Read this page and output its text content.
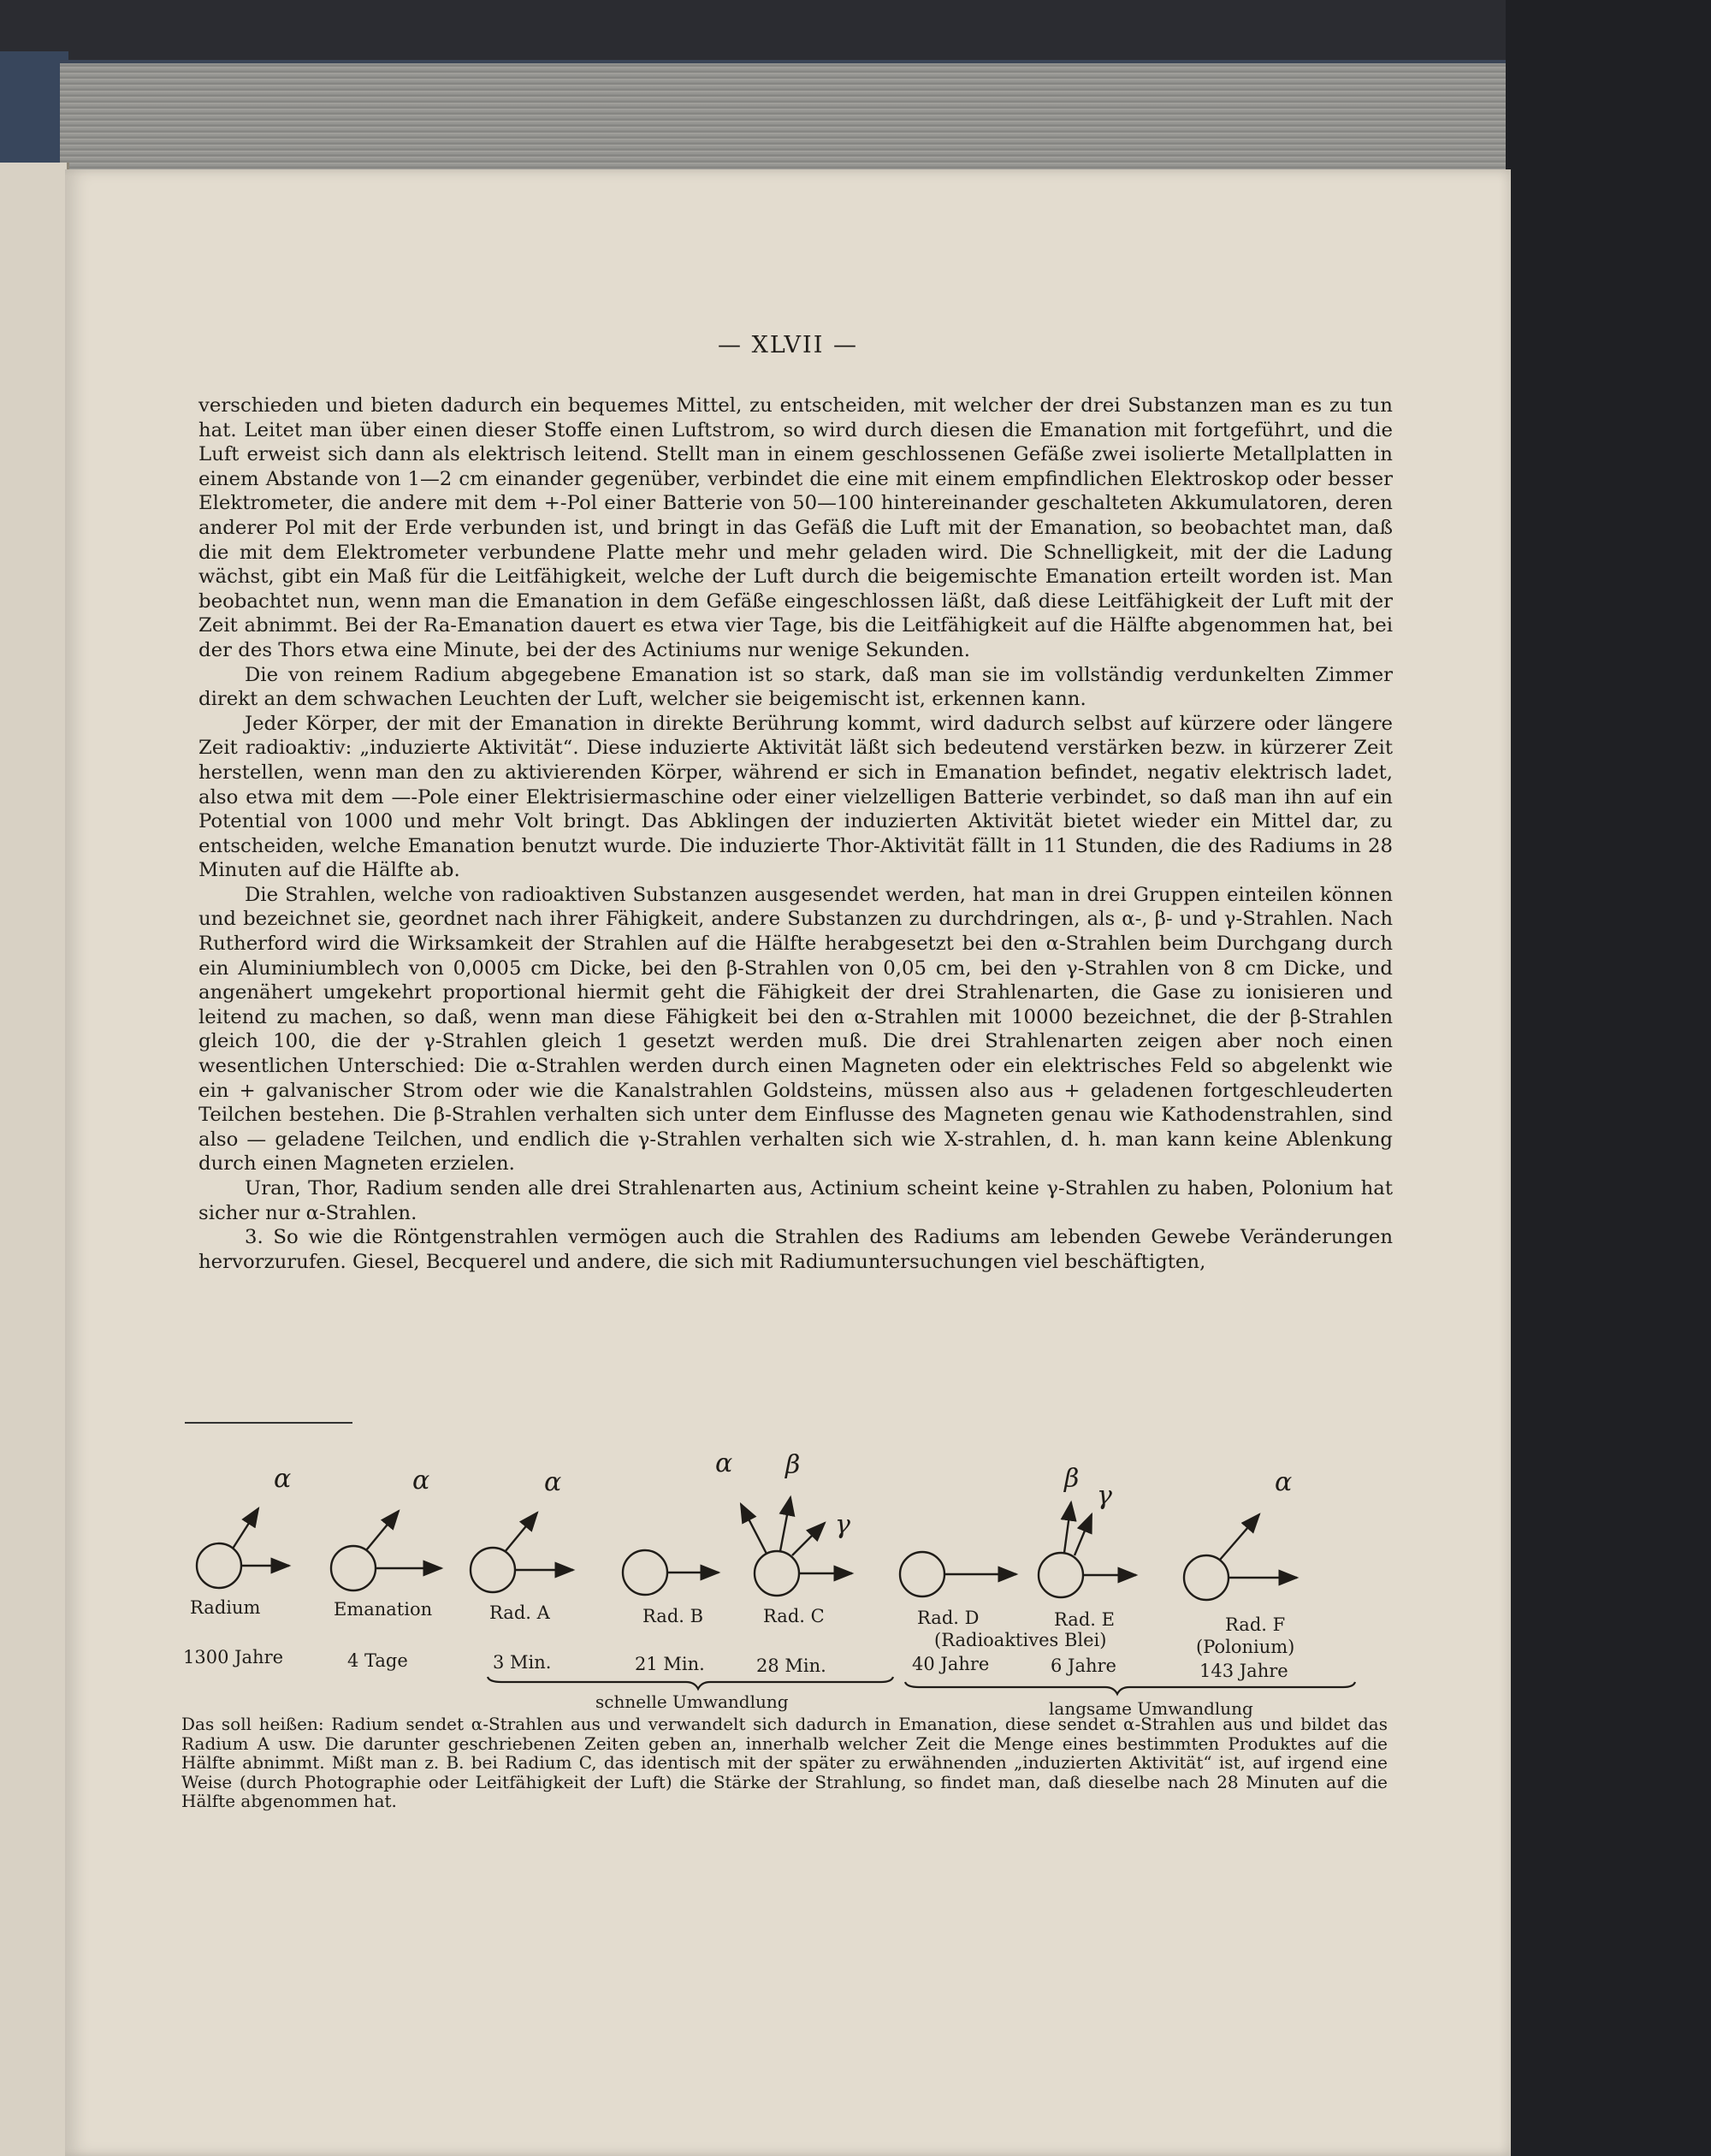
— XLVII —

verschieden und bieten dadurch ein bequemes Mittel, zu entscheiden, mit welcher der drei Substanzen man es zu tun hat. Leitet man über einen dieser Stoffe einen Luftstrom, so wird durch diesen die Emanation mit fortgeführt, und die Luft erweist sich dann als elektrisch leitend. Stellt man in einem geschlossenen Gefäße zwei isolierte Metallplatten in einem Abstande von 1—2 cm einander gegenüber, verbindet die eine mit einem empfindlichen Elektroskop oder besser Elektrometer, die andere mit dem +-Pol einer Batterie von 50—100 hintereinander geschalteten Akkumulatoren, deren anderer Pol mit der Erde verbunden ist, und bringt in das Gefäß die Luft mit der Emanation, so beobachtet man, daß die mit dem Elektrometer verbundene Platte mehr und mehr geladen wird. Die Schnelligkeit, mit der die Ladung wächst, gibt ein Maß für die Leitfähigkeit, welche der Luft durch die beigemischte Emanation erteilt worden ist. Man beobachtet nun, wenn man die Emanation in dem Gefäße eingeschlossen läßt, daß diese Leitfähigkeit der Luft mit der Zeit abnimmt. Bei der Ra-Emanation dauert es etwa vier Tage, bis die Leitfähigkeit auf die Hälfte abgenommen hat, bei der des Thors etwa eine Minute, bei der des Actiniums nur wenige Sekunden.

Die von reinem Radium abgegebene Emanation ist so stark, daß man sie im vollständig verdunkelten Zimmer direkt an dem schwachen Leuchten der Luft, welcher sie beigemischt ist, erkennen kann.

Jeder Körper, der mit der Emanation in direkte Berührung kommt, wird dadurch selbst auf kürzere oder längere Zeit radioaktiv: „induzierte Aktivität“. Diese induzierte Aktivität läßt sich bedeutend verstärken bezw. in kürzerer Zeit herstellen, wenn man den zu aktivierenden Körper, während er sich in Emanation befindet, negativ elektrisch ladet, also etwa mit dem —-Pole einer Elektrisiermaschine oder einer vielzelligen Batterie verbindet, so daß man ihn auf ein Potential von 1000 und mehr Volt bringt. Das Abklingen der induzierten Aktivität bietet wieder ein Mittel dar, zu entscheiden, welche Emanation benutzt wurde. Die induzierte Thor-Aktivität fällt in 11 Stunden, die des Radiums in 28 Minuten auf die Hälfte ab.

Die Strahlen, welche von radioaktiven Substanzen ausgesendet werden, hat man in drei Gruppen einteilen können und bezeichnet sie, geordnet nach ihrer Fähigkeit, andere Substanzen zu durchdringen, als α-, β- und γ-Strahlen. Nach Rutherford wird die Wirksamkeit der Strahlen auf die Hälfte herabgesetzt bei den α-Strahlen beim Durchgang durch ein Aluminiumblech von 0,0005 cm Dicke, bei den β-Strahlen von 0,05 cm, bei den γ-Strahlen von 8 cm Dicke, und angenähert umgekehrt proportional hiermit geht die Fähigkeit der drei Strahlenarten, die Gase zu ionisieren und leitend zu machen, so daß, wenn man diese Fähigkeit bei den α-Strahlen mit 10000 bezeichnet, die der β-Strahlen gleich 100, die der γ-Strahlen gleich 1 gesetzt werden muß. Die drei Strahlenarten zeigen aber noch einen wesentlichen Unterschied: Die α-Strahlen werden durch einen Magneten oder ein elektrisches Feld so abgelenkt wie ein + galvanischer Strom oder wie die Kanalstrahlen Goldsteins, müssen also aus + geladenen fortgeschleuderten Teilchen bestehen. Die β-Strahlen verhalten sich unter dem Einflusse des Magneten genau wie Kathodenstrahlen, sind also — geladene Teilchen, und endlich die γ-Strahlen verhalten sich wie X-strahlen, d. h. man kann keine Ablenkung durch einen Magneten erzielen.

Uran, Thor, Radium senden alle drei Strahlenarten aus, Actinium scheint keine γ-Strahlen zu haben, Polonium hat sicher nur α-Strahlen.

3. So wie die Röntgenstrahlen vermögen auch die Strahlen des Radiums am lebenden Gewebe Veränderungen hervorzurufen. Giesel, Becquerel und andere, die sich mit Radiumuntersuchungen viel beschäftigten,

α
Radium
1300 Jahre
α
Emanation
4 Tage
α
Rad. A
3 Min.
Rad. B
21 Min.
α β
γ
Rad. C
28 Min.
Rad. D
(Radioaktives Blei)
40 Jahre
β
γ
Rad. E
6 Jahre
α
Rad. F
(Polonium)
143 Jahre
schnelle Umwandlung	langsame Umwandlung

Das soll heißen: Radium sendet α-Strahlen aus und verwandelt sich dadurch in Emanation, diese sendet α-Strahlen aus und bildet das Radium A usw. Die darunter geschriebenen Zeiten geben an, innerhalb welcher Zeit die Menge eines bestimmten Produktes auf die Hälfte abnimmt. Mißt man z. B. bei Radium C, das identisch mit der später zu erwähnenden „induzierten Aktivität“ ist, auf irgend eine Weise (durch Photographie oder Leitfähigkeit der Luft) die Stärke der Strahlung, so findet man, daß dieselbe nach 28 Minuten auf die Hälfte abgenommen hat.
